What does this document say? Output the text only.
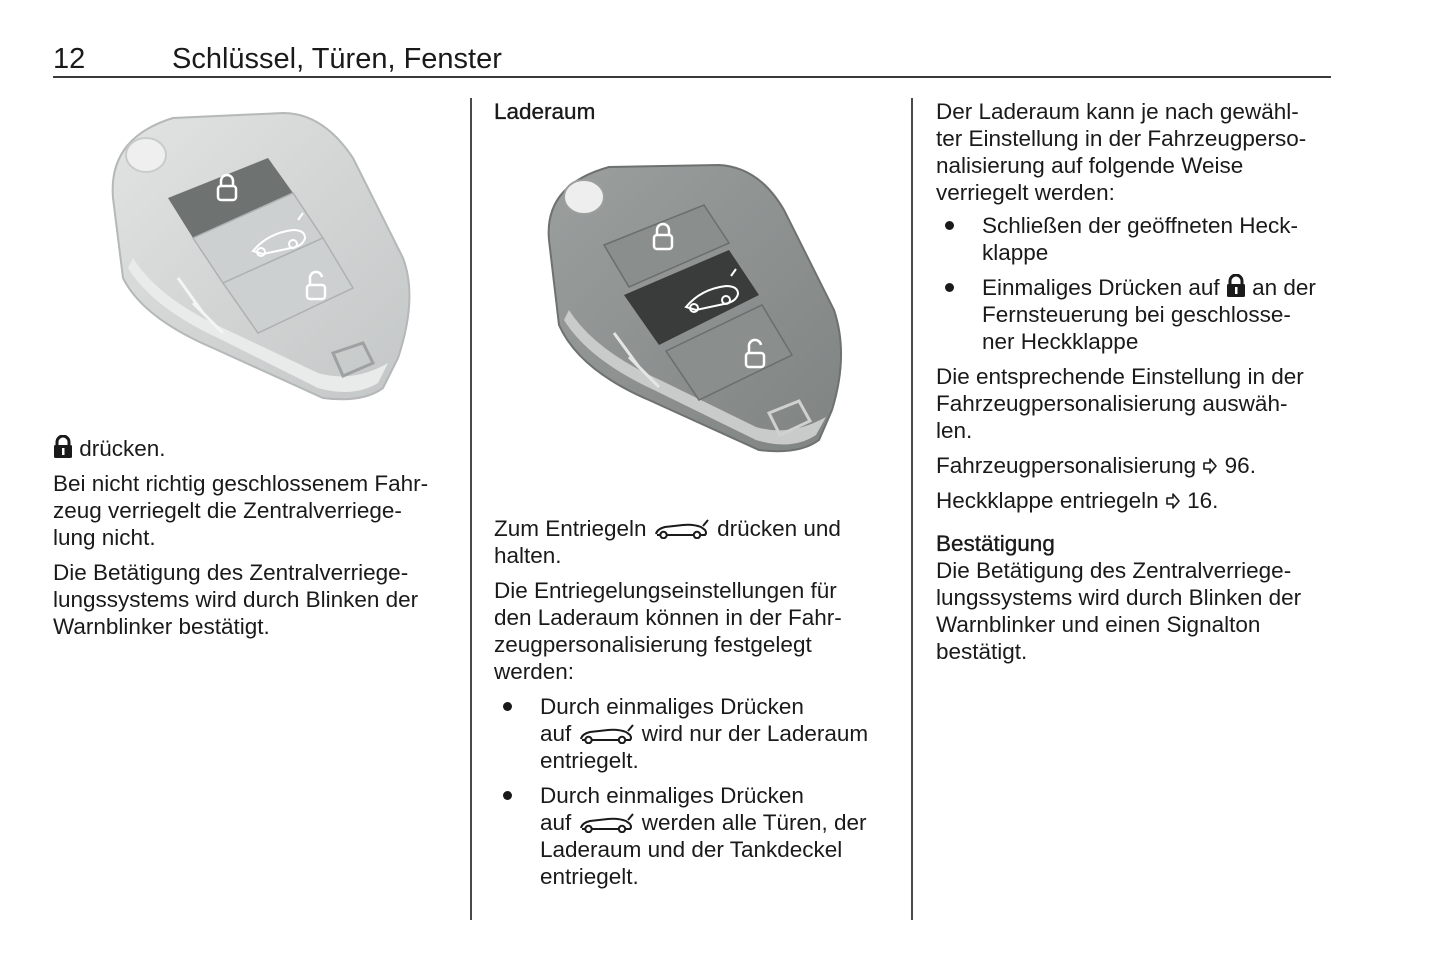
12	Schlüssel, Türen, Fenster

drücken.

Bei nicht richtig geschlossenem Fahr-
zeug verriegelt die Zentralverriege-
lung nicht.

Die Betätigung des Zentralverriege-
lungssystems wird durch Blinken der
Warnblinker bestätigt.

Laderaum

Zum Entriegeln	drücken und
halten.

Die Entriegelungseinstellungen für
den Laderaum können in der Fahr-
zeugpersonalisierung festgelegt
werden:

Durch einmaliges Drücken
auf	wird nur der Laderaum
entriegelt.
Durch einmaliges Drücken
auf	werden alle Türen, der
Laderaum und der Tankdeckel
entriegelt.

Der Laderaum kann je nach gewähl-
ter Einstellung in der Fahrzeugperso-
nalisierung auf folgende Weise
verriegelt werden:

Schließen der geöffneten Heck-
klappe
Einmaliges Drücken auf  an der
Fernsteuerung bei geschlosse-
ner Heckklappe

Die entsprechende Einstellung in der
Fahrzeugpersonalisierung auswäh-
len.

Fahrzeugpersonalisierung  96.

Heckklappe entriegeln  16.

Bestätigung

Die Betätigung des Zentralverriege-
lungssystems wird durch Blinken der
Warnblinker und einen Signalton
bestätigt.
